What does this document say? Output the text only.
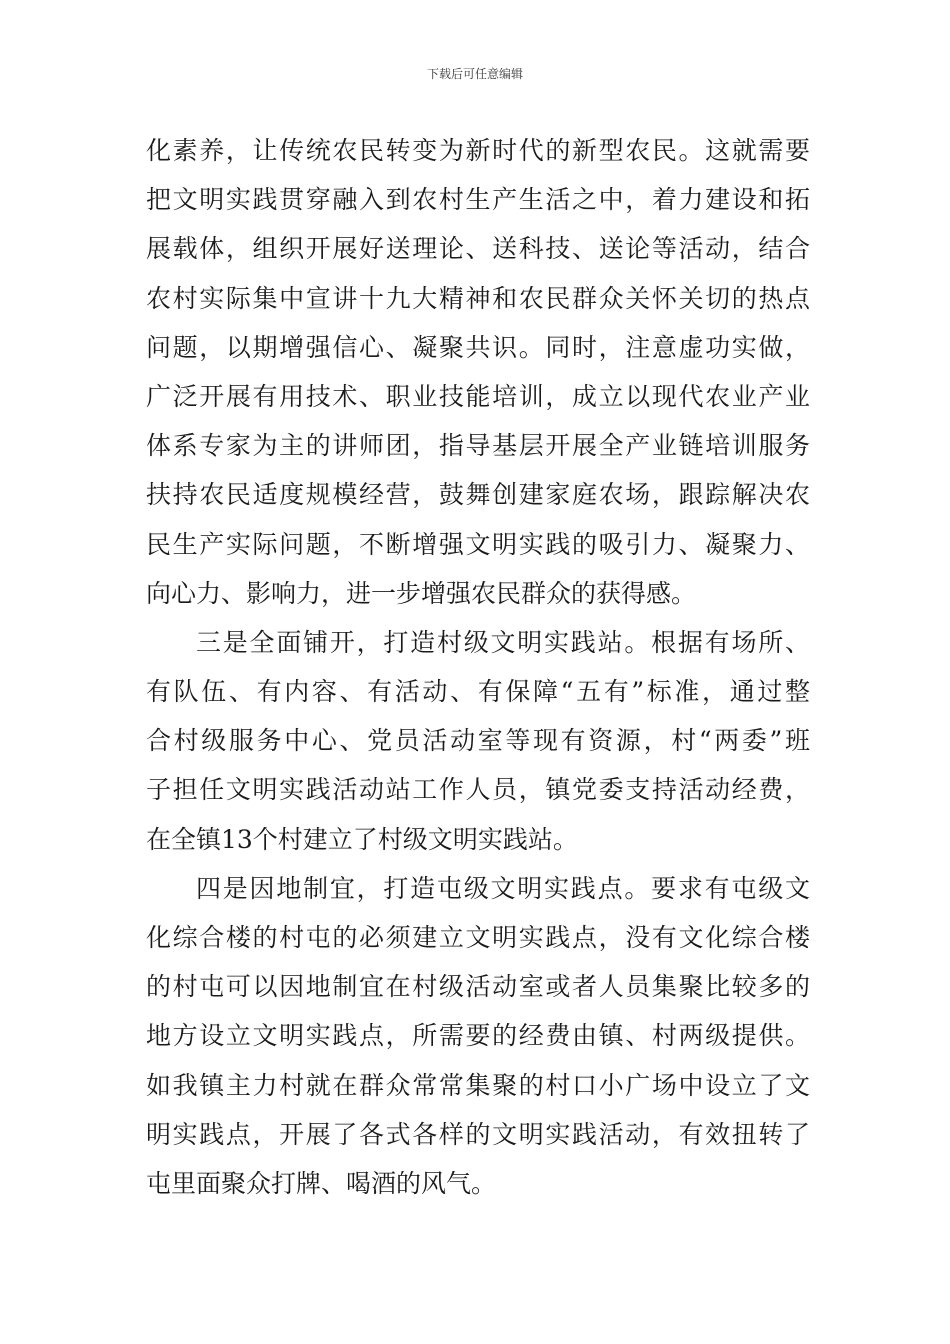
下载后可任意编辑
化素养，让传统农民转变为新时代的新型农民。这就需要
把文明实践贯穿融入到农村生产生活之中，着力建设和拓
展载体，组织开展好送理论、送科技、送论等活动，结合
农村实际集中宣讲十九大精神和农民群众关怀关切的热点
问题，以期增强信心、凝聚共识。同时，注意虚功实做，
广泛开展有用技术、职业技能培训，成立以现代农业产业
体系专家为主的讲师团，指导基层开展全产业链培训服务
扶持农民适度规模经营，鼓舞创建家庭农场，跟踪解决农
民生产实际问题，不断增强文明实践的吸引力、凝聚力、
向心力、影响力，进一步增强农民群众的获得感。
三是全面铺开，打造村级文明实践站。根据有场所、
有队伍、有内容、有活动、有保障“五有”标准，通过整
合村级服务中心、党员活动室等现有资源，村“两委”班
子担任文明实践活动站工作人员，镇党委支持活动经费，
在全镇13个村建立了村级文明实践站。
四是因地制宜，打造屯级文明实践点。要求有屯级文
化综合楼的村屯的必须建立文明实践点，没有文化综合楼
的村屯可以因地制宜在村级活动室或者人员集聚比较多的
地方设立文明实践点，所需要的经费由镇、村两级提供。
如我镇主力村就在群众常常集聚的村口小广场中设立了文
明实践点，开展了各式各样的文明实践活动，有效扭转了
屯里面聚众打牌、喝酒的风气。
